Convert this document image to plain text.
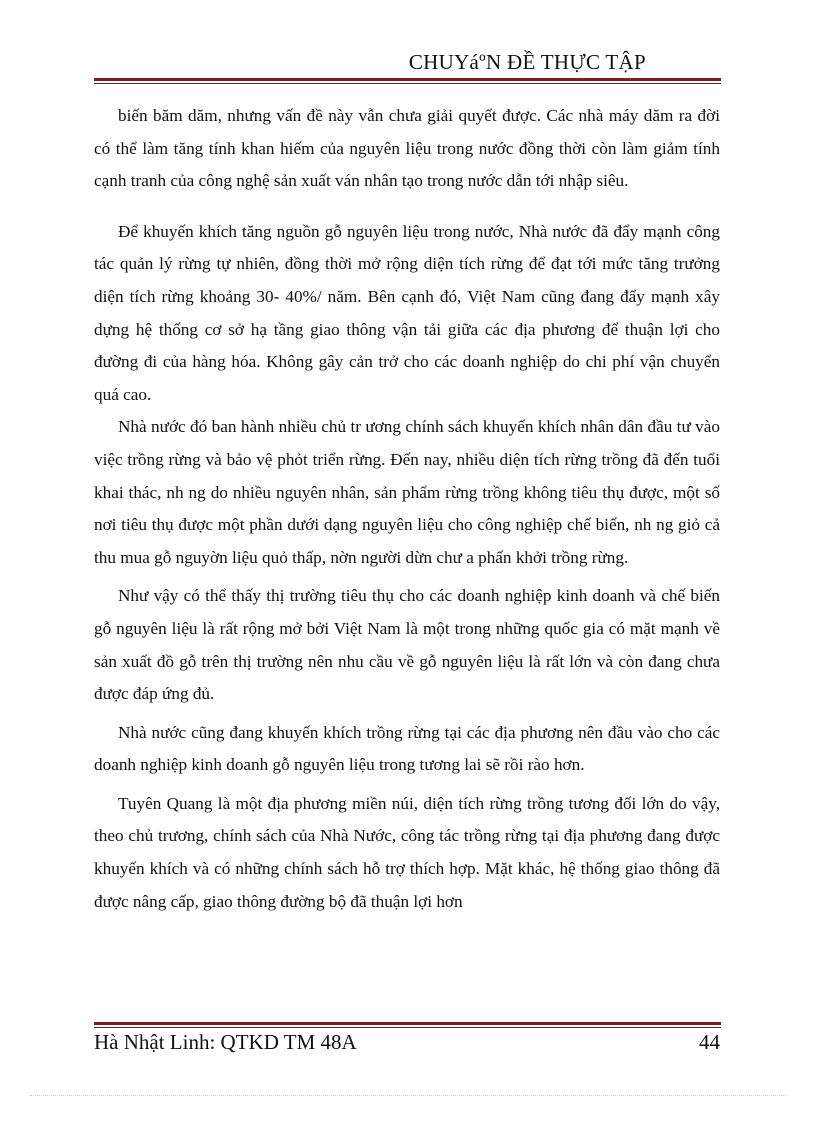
CHUYáºN ĐỀ THỰC TẬP

biến băm dăm, nhưng vấn đề này vẫn chưa giải quyết được. Các nhà máy dăm ra đời có thể làm tăng tính khan hiếm của nguyên liệu trong nước đồng thời còn làm giảm tính cạnh tranh của công nghệ sản xuất ván nhân tạo trong nước dẫn tới nhập siêu.

Để khuyến khích tăng nguồn gỗ nguyên liệu trong nước, Nhà nước đã đẩy mạnh công tác quản lý rừng tự nhiên, đồng thời mở rộng diện tích rừng để đạt tới mức tăng trưởng diện tích rừng khoảng 30- 40%/ năm. Bên cạnh đó, Việt Nam cũng đang đẩy mạnh xây dựng hệ thống cơ sở hạ tầng giao thông vận tải giữa các địa phương để thuận lợi cho đường đi của hàng hóa. Không gây cản trở cho các doanh nghiệp do chi phí vận chuyển quá cao.

Nhà nước đó ban hành nhiều chủ tr ương chính sách khuyến khích nhân dân đầu tư vào việc trồng rừng và bảo vệ phỏt triển rừng. Đến nay, nhiều diện tích rừng trồng đã đến tuổi khai thác, nh ng do nhiều nguyên nhân, sản phẩm rừng trồng không tiêu thụ được, một số nơi tiêu thụ được một phần dưới dạng nguyên liệu cho công nghiệp chế biến, nh ng giỏ cả thu mua gỗ nguyờn liệu quỏ thấp, nờn người dừn chư a phấn khởi trồng rừng.

Như vậy có thể thấy thị trường tiêu thụ cho các doanh nghiệp kinh doanh và chế biến gỗ nguyên liệu là rất rộng mở bởi Việt Nam là một trong những quốc gia có mặt mạnh về sản xuất đồ gỗ trên thị trường nên nhu cầu về gỗ nguyên liệu là rất lớn và còn đang chưa được đáp ứng đủ.

Nhà nước cũng đang khuyến khích trồng rừng tại các địa phương nên đầu vào cho các doanh nghiệp kinh doanh gỗ nguyên liệu trong tương lai sẽ rồi rào hơn.

Tuyên Quang là một địa phương miền núi, diện tích rừng trồng tương đối lớn do vậy, theo chủ trương, chính sách của Nhà Nước, công tác trồng rừng tại địa phương đang được khuyến khích và có những chính sách hỗ trợ thích hợp. Mặt khác, hệ thống giao thông đã được nâng cấp, giao thông đường bộ đã thuận lợi hơn

Hà Nhật Linh: QTKD TM 48A	44
